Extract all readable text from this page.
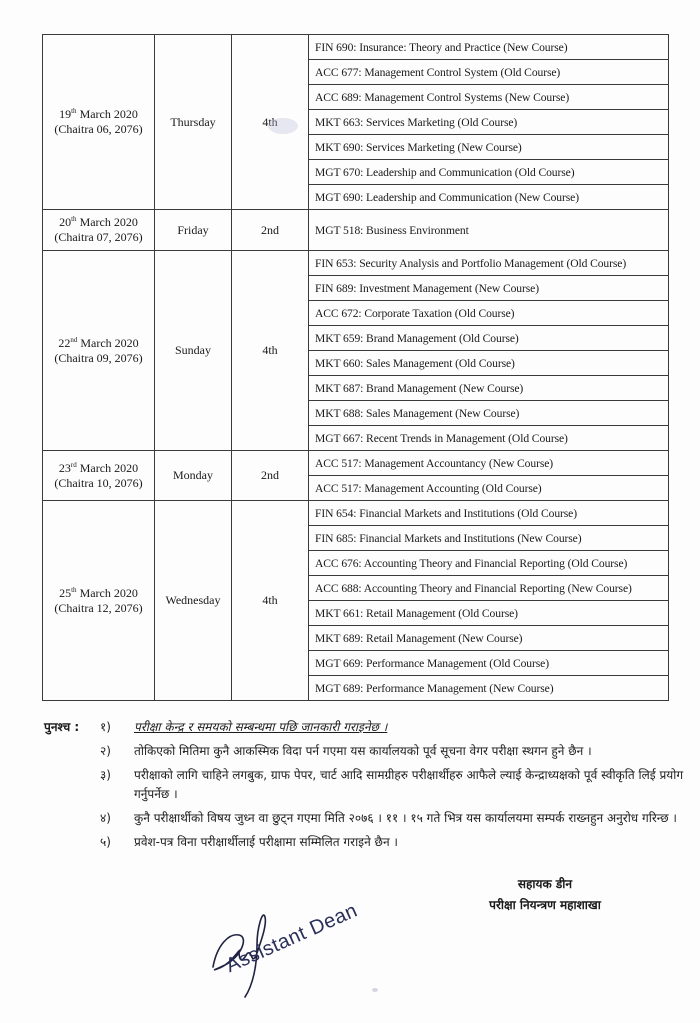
19th March 2020
(Chaitra 06, 2076)	Thursday	4th	FIN 690: Insurance: Theory and Practice (New Course)
			ACC 677: Management Control System (Old Course)
			ACC 689: Management Control Systems (New Course)
			MKT 663: Services Marketing (Old Course)
			MKT 690: Services Marketing (New Course)
			MGT 670: Leadership and Communication (Old Course)
			MGT 690: Leadership and Communication (New Course)

20th March 2020
(Chaitra 07, 2076)	Friday	2nd	MGT 518: Business Environment

22nd March 2020
(Chaitra 09, 2076)	Sunday	4th	FIN 653: Security Analysis and Portfolio Management (Old Course)
			FIN 689: Investment Management (New Course)
			ACC 672: Corporate Taxation (Old Course)
			MKT 659: Brand Management (Old Course)
			MKT 660: Sales Management (Old Course)
			MKT 687: Brand Management (New Course)
			MKT 688: Sales Management (New Course)
			MGT 667: Recent Trends in Management (Old Course)

23rd March 2020
(Chaitra 10, 2076)	Monday	2nd	ACC 517: Management Accountancy (New Course)
			ACC 517: Management Accounting (Old Course)

25th March 2020
(Chaitra 12, 2076)	Wednesday	4th	FIN 654: Financial Markets and Institutions (Old Course)
			FIN 685: Financial Markets and Institutions (New Course)
			ACC 676: Accounting Theory and Financial Reporting (Old Course)
			ACC 688: Accounting Theory and Financial Reporting (New Course)
			MKT 661: Retail Management (Old Course)
			MKT 689: Retail Management (New Course)
			MGT 669: Performance Management (Old Course)
			MGT 689: Performance Management (New Course)
पुनश्च : १)	परीक्षा केन्द्र र समयको सम्बन्धमा पछि जानकारी गराइनेछ ।
२)	तोकिएको मितिमा कुनै आकस्मिक विदा पर्न गएमा यस कार्यालयको पूर्व सूचना वेगर परीक्षा स्थगन हुने छैन ।
३)	परीक्षाको लागि चाहिने लगबुक, ग्राफ पेपर, चार्ट आदि सामग्रीहरु परीक्षार्थीहरु आफैले ल्याई केन्द्राध्यक्षको पूर्व स्वीकृति लिई प्रयोग गर्नुपर्नेछ ।
४)	कुनै परीक्षार्थीको विषय जुध्न वा छुट्न गएमा मिति २०७६ । ११ । १५ गते भित्र यस कार्यालयमा सम्पर्क राख्नहुन अनुरोध गरिन्छ ।
५)	प्रवेश-पत्र विना परीक्षार्थीलाई परीक्षामा सम्मिलित गराइने छैन ।
सहायक डीन
परीक्षा नियन्त्रण महाशाखा
Assistant Dean
